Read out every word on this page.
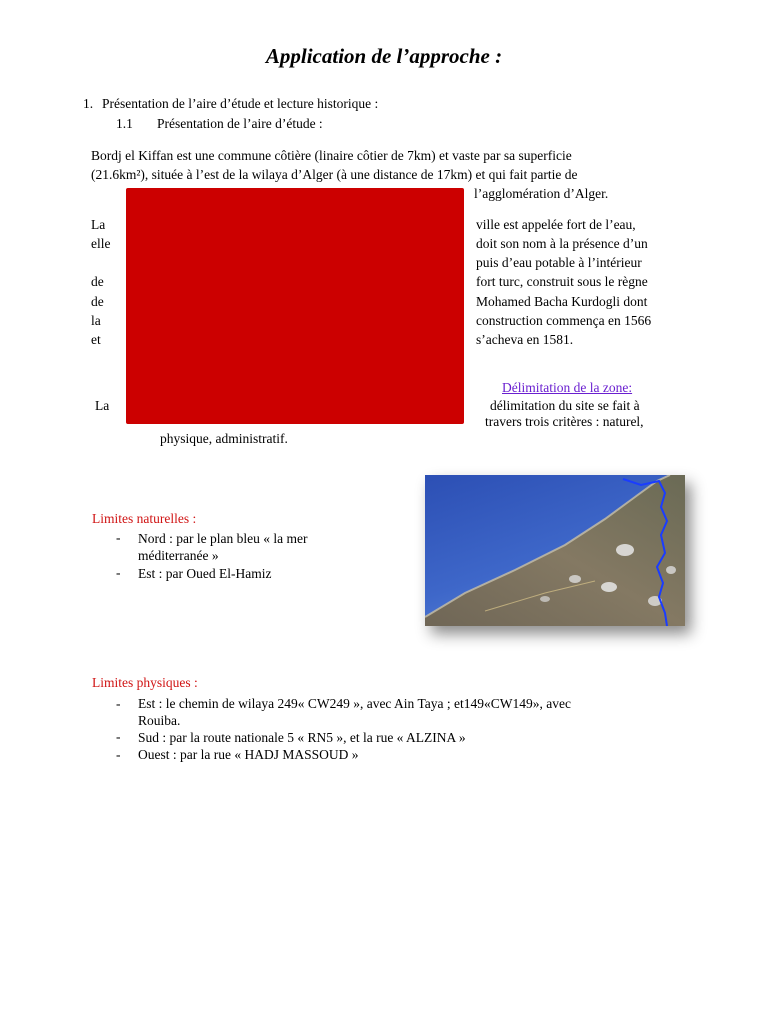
Application de l’approche :
1. Présentation de l’aire d’étude et lecture historique :
1.1 Présentation de l’aire d’étude :
Bordj el Kiffan est une commune côtière (linaire côtier de 7km) et vaste par sa superficie
(21.6km²), située à l’est de la wilaya d’Alger (à une distance de 17km) et qui fait partie de
l’agglomération d’Alger.
La
elle
de
de
la
et
ville est appelée fort de l’eau,
doit son nom à la présence d’un
puis d’eau potable à l’intérieur
fort turc, construit sous le règne
Mohamed Bacha Kurdogli dont
construction commença en 1566
s’acheva en 1581.
Délimitation de la zone:
La	délimitation du site se fait à
travers trois critères : naturel,
physique, administratif.
Limites naturelles :
- Nord : par le plan bleu « la mer
méditerranée »
- Est : par Oued El-Hamiz
Limites physiques :
- Est : le chemin de wilaya 249« CW249 », avec Ain Taya ; et149«CW149», avec
Rouiba.
- Sud : par la route nationale 5 « RN5 », et la rue « ALZINA »
- Ouest : par la rue « HADJ MASSOUD »
